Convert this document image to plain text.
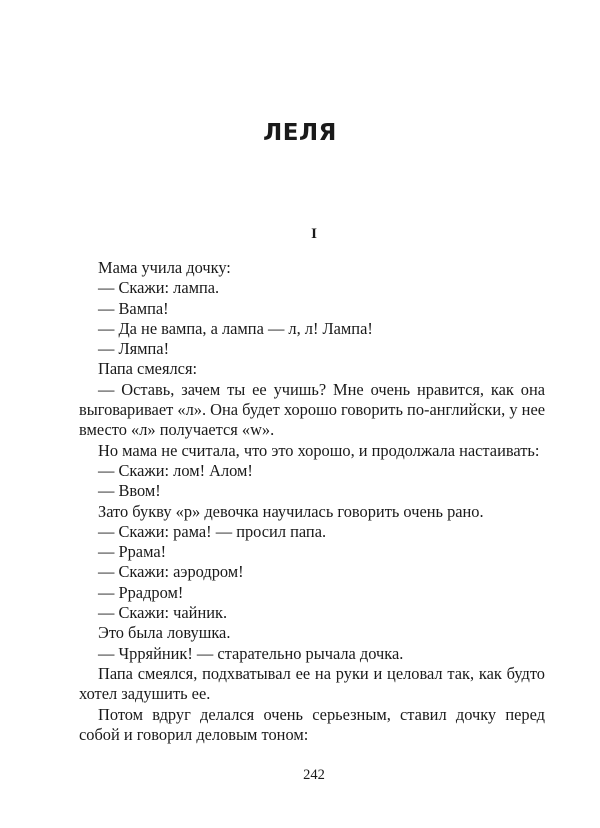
ЛЕЛЯ
I

Мама учила дочку:

— Скажи: лампа.

— Вампа!

— Да не вампа, а лампа — л, л! Лампа!

— Лямпа!

Папа смеялся:

— Оставь, зачем ты ее учишь? Мне очень нравится, как она выговаривает «л». Она будет хорошо говорить по-английски, у нее вместо «л» получается «w».

Но мама не считала, что это хорошо, и продолжала настаивать:

— Скажи: лом! Алом!

— Ввом!

Зато букву «р» девочка научилась говорить очень рано.

— Скажи: рама! — просил папа.

— Ррама!

— Скажи: аэродром!

— Ррадром!

— Скажи: чайник.

Это была ловушка.

— Чрряйник! — старательно рычала дочка.

Папа смеялся, подхватывал ее на руки и целовал так, как будто хотел задушить ее.

Потом вдруг делался очень серьезным, ставил дочку перед собой и говорил деловым тоном:

242
